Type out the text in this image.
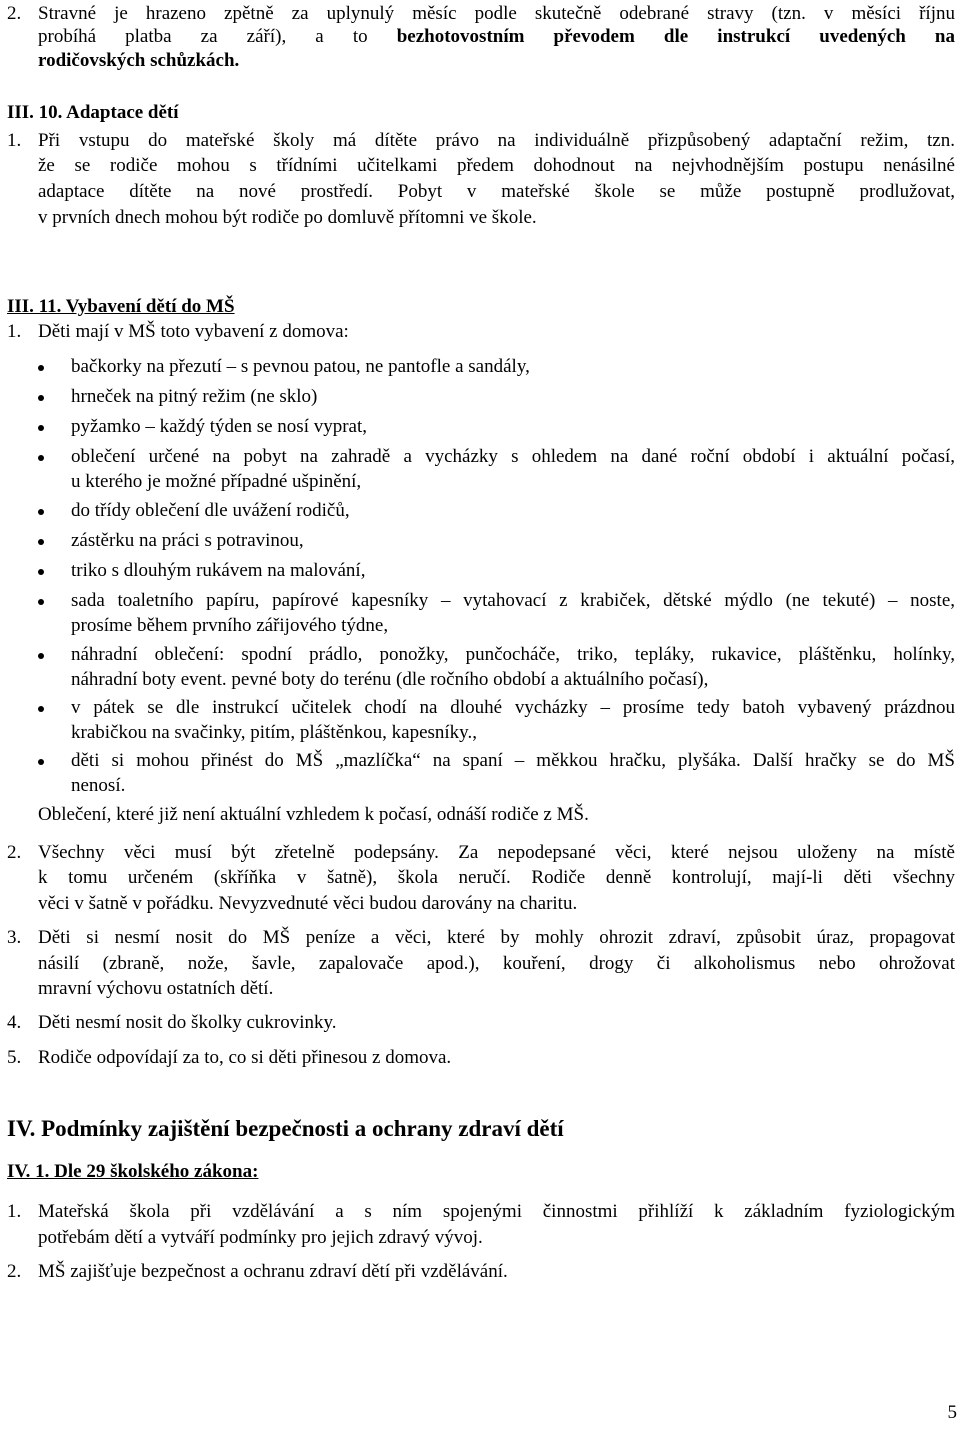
2. Stravné je hrazeno zpětně za uplynulý měsíc podle skutečně odebrané stravy (tzn. v měsíci říjnu
probíhá platba za září), a to bezhotovostním převodem dle instrukcí uvedených na
rodičovských schůzkách.
III. 10. Adaptace dětí
1. Při vstupu do mateřské školy má dítěte právo na individuálně přizpůsobený adaptační režim, tzn.
že se rodiče mohou s třídními učitelkami předem dohodnout na nejvhodnějším postupu nenásilné
adaptace dítěte na nové prostředí. Pobyt v mateřské škole se může postupně prodlužovat,
v prvních dnech mohou být rodiče po domluvě přítomni ve škole.
III. 11. Vybavení dětí do MŠ
1. Děti mají v MŠ toto vybavení z domova:
bačkorky na přezutí – s pevnou patou, ne pantofle a sandály,
hrneček na pitný režim (ne sklo)
pyžamko – každý týden se nosí vyprat,
oblečení určené na pobyt na zahradě a vycházky s ohledem na dané roční období i aktuální počasí,
u kterého je možné případné ušpinění,
do třídy oblečení dle uvážení rodičů,
zástěrku na práci s potravinou,
triko s dlouhým rukávem na malování,
sada toaletního papíru, papírové kapesníky – vytahovací z krabiček, dětské mýdlo (ne tekuté) – noste,
prosíme během prvního zářijového týdne,
náhradní oblečení: spodní prádlo, ponožky, punčocháče, triko, tepláky, rukavice, pláštěnku, holínky,
náhradní boty event. pevné boty do terénu (dle ročního období a aktuálního počasí),
v pátek se dle instrukcí učitelek chodí na dlouhé vycházky – prosíme tedy batoh vybavený prázdnou
krabičkou na svačinky, pitím, pláštěnkou, kapesníky.,
děti si mohou přinést do MŠ „mazlíčka“ na spaní – měkkou hračku, plyšáka. Další hračky se do MŠ
nenosí.
Oblečení, které již není aktuální vzhledem k počasí, odnáší rodiče z MŠ.
2. Všechny věci musí být zřetelně podepsány. Za nepodepsané věci, které nejsou uloženy na místě
k tomu určeném (skříňka v šatně), škola neručí. Rodiče denně kontrolují, mají-li děti všechny
věci v šatně v pořádku. Nevyzvednuté věci budou darovány na charitu.
3. Děti si nesmí nosit do MŠ peníze a věci, které by mohly ohrozit zdraví, způsobit úraz, propagovat
násilí (zbraně, nože, šavle, zapalovače apod.), kouření, drogy či alkoholismus nebo ohrožovat
mravní výchovu ostatních dětí.
4. Děti nesmí nosit do školky cukrovinky.
5. Rodiče odpovídají za to, co si děti přinesou z domova.
IV. Podmínky zajištění bezpečnosti a ochrany zdraví dětí
IV. 1. Dle 29 školského zákona:
1. Mateřská škola při vzdělávání a s ním spojenými činnostmi přihlíží k základním fyziologickým
potřebám dětí a vytváří podmínky pro jejich zdravý vývoj.
2. MŠ zajišťuje bezpečnost a ochranu zdraví dětí při vzdělávání.
5
